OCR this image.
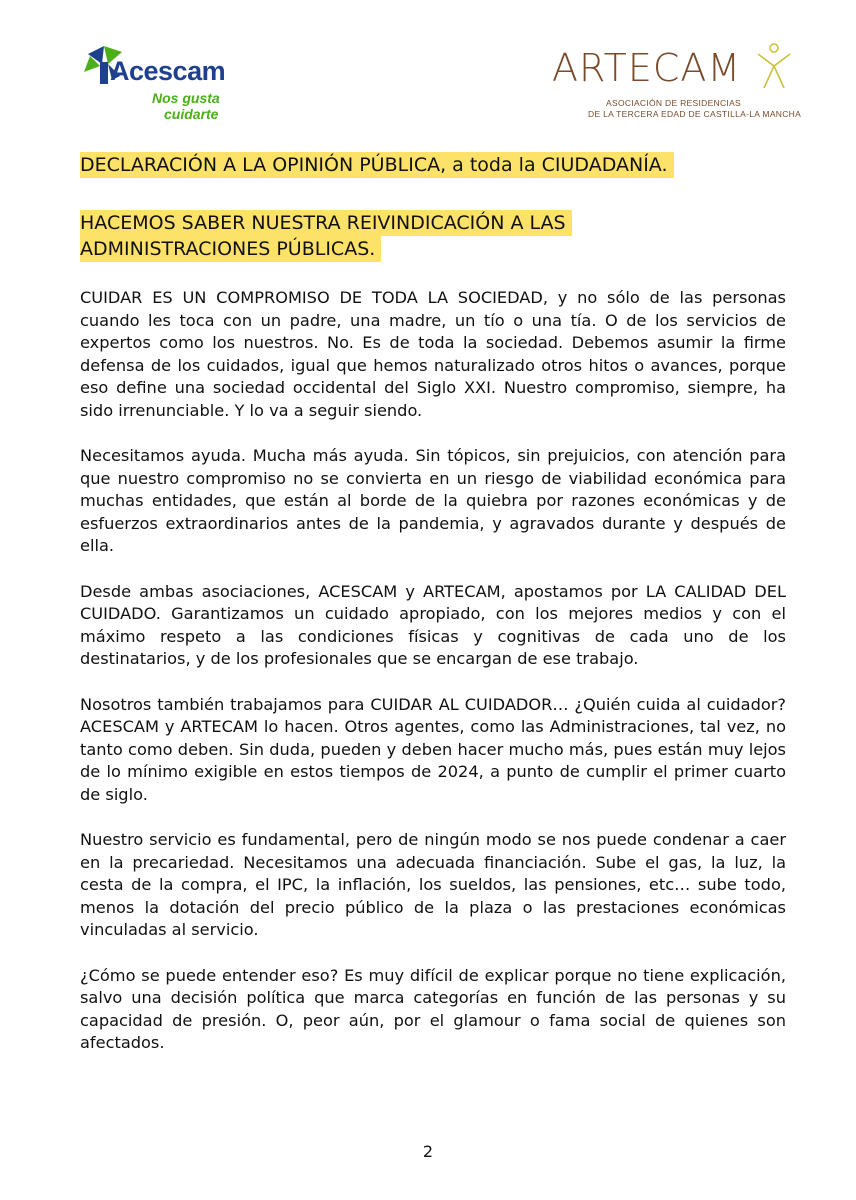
Acescam
Nos gusta
cuidarte
ARTECAM
ASOCIACIÓN DE RESIDENCIAS
DE LA TERCERA EDAD DE CASTILLA-LA MANCHA
DECLARACIÓN A LA OPINIÓN PÚBLICA, a toda la CIUDADANÍA.
HACEMOS SABER NUESTRA REIVINDICACIÓN A LAS ADMINISTRACIONES PÚBLICAS.

CUIDAR ES UN COMPROMISO DE TODA LA SOCIEDAD, y no sólo de las personas cuando les toca con un padre, una madre, un tío o una tía. O de los servicios de expertos como los nuestros. No. Es de toda la sociedad. Debemos asumir la firme defensa de los cuidados, igual que hemos naturalizado otros hitos o avances, porque eso define una sociedad occidental del Siglo XXI. Nuestro compromiso, siempre, ha sido irrenunciable. Y lo va a seguir siendo.

Necesitamos ayuda. Mucha más ayuda. Sin tópicos, sin prejuicios, con atención para que nuestro compromiso no se convierta en un riesgo de viabilidad económica para muchas entidades, que están al borde de la quiebra por razones económicas y de esfuerzos extraordinarios antes de la pandemia, y agravados durante y después de ella.

Desde ambas asociaciones, ACESCAM y ARTECAM, apostamos por LA CALIDAD DEL CUIDADO. Garantizamos un cuidado apropiado, con los mejores medios y con el máximo respeto a las condiciones físicas y cognitivas de cada uno de los destinatarios, y de los profesionales que se encargan de ese trabajo.

Nosotros también trabajamos para CUIDAR AL CUIDADOR… ¿Quién cuida al cuidador? ACESCAM y ARTECAM lo hacen. Otros agentes, como las Administraciones, tal vez, no tanto como deben. Sin duda, pueden y deben hacer mucho más, pues están muy lejos de lo mínimo exigible en estos tiempos de 2024, a punto de cumplir el primer cuarto de siglo.

Nuestro servicio es fundamental, pero de ningún modo se nos puede condenar a caer en la precariedad. Necesitamos una adecuada financiación. Sube el gas, la luz, la cesta de la compra, el IPC, la inflación, los sueldos, las pensiones, etc… sube todo, menos la dotación del precio público de la plaza o las prestaciones económicas vinculadas al servicio.

¿Cómo se puede entender eso? Es muy difícil de explicar porque no tiene explicación, salvo una decisión política que marca categorías en función de las personas y su capacidad de presión. O, peor aún, por el glamour o fama social de quienes son afectados.

2
